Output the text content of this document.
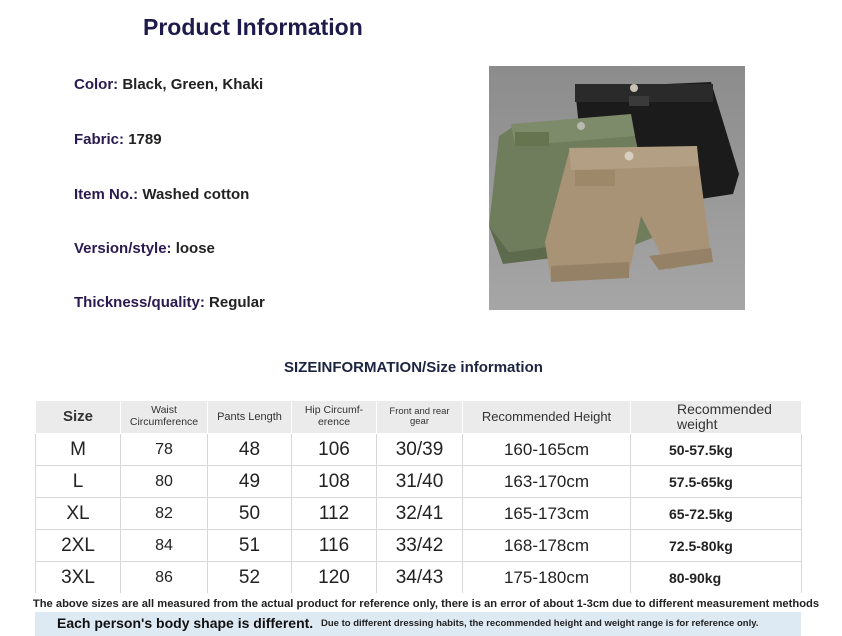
Product Information
Color: Black, Green, Khaki
Fabric: 1789
Item No.: Washed cotton
Version/style: loose
Thickness/quality: Regular
SIZEINFORMATION/Size information
Size	Waist Circumference	Pants Length	Hip Circumf- erence	Front and rear gear	Recommended Height	Recommended weight
M	78	48	106	30/39	160-165cm	50-57.5kg
L	80	49	108	31/40	163-170cm	57.5-65kg
XL	82	50	112	32/41	165-173cm	65-72.5kg
2XL	84	51	116	33/42	168-178cm	72.5-80kg
3XL	86	52	120	34/43	175-180cm	80-90kg
The above sizes are all measured from the actual product for reference only, there is an error of about 1-3cm due to different measurement methods
Each person's body shape is different. Due to different dressing habits, the recommended height and weight range is for reference only.
